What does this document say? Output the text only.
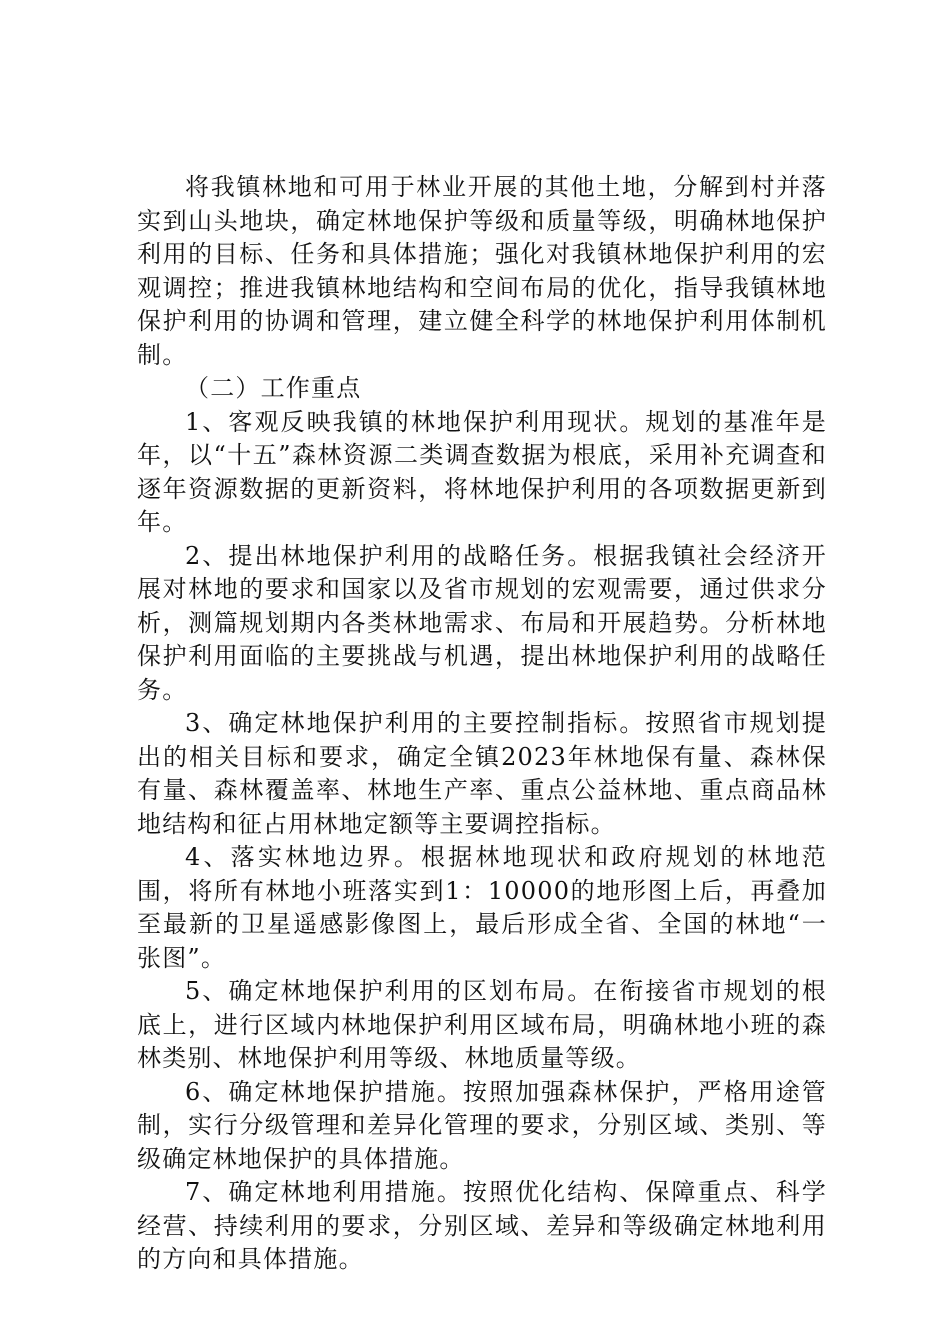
将我镇林地和可用于林业开展的其他土地，分解到村并落实到山头地块，确定林地保护等级和质量等级，明确林地保护利用的目标、任务和具体措施；强化对我镇林地保护利用的宏观调控；推进我镇林地结构和空间布局的优化，指导我镇林地保护利用的协调和管理，建立健全科学的林地保护利用体制机制。

（二）工作重点

1、客观反映我镇的林地保护利用现状。规划的基准年是年，以“十五”森林资源二类调查数据为根底，采用补充调查和逐年资源数据的更新资料，将林地保护利用的各项数据更新到年。

2、提出林地保护利用的战略任务。根据我镇社会经济开展对林地的要求和国家以及省市规划的宏观需要，通过供求分析，测篇规划期内各类林地需求、布局和开展趋势。分析林地保护利用面临的主要挑战与机遇，提出林地保护利用的战略任务。

3、确定林地保护利用的主要控制指标。按照省市规划提出的相关目标和要求，确定全镇2023年林地保有量、森林保有量、森林覆盖率、林地生产率、重点公益林地、重点商品林地结构和征占用林地定额等主要调控指标。

4、落实林地边界。根据林地现状和政府规划的林地范围，将所有林地小班落实到1：10000的地形图上后，再叠加至最新的卫星遥感影像图上，最后形成全省、全国的林地“一张图”。

5、确定林地保护利用的区划布局。在衔接省市规划的根底上，进行区域内林地保护利用区域布局，明确林地小班的森林类别、林地保护利用等级、林地质量等级。

6、确定林地保护措施。按照加强森林保护，严格用途管制，实行分级管理和差异化管理的要求，分别区域、类别、等级确定林地保护的具体措施。

7、确定林地利用措施。按照优化结构、保障重点、科学经营、持续利用的要求，分别区域、差异和等级确定林地利用的方向和具体措施。
